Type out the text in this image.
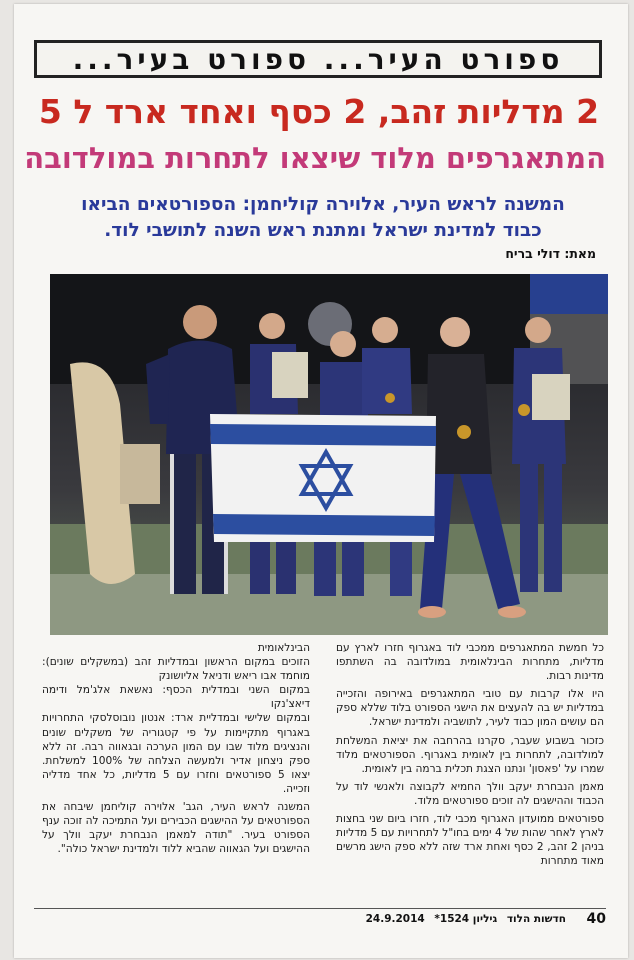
ספורט העיר... ספורט בעיר...
2 מדליות זהב, 2 כסף ואחד ארד ל 5
המתאגרפים מלוד שיצאו לתחרות במולדובה
המשנה לראש העיר, אלוירה קוליחמן: הספורטאים הביאו
כבוד למדינת ישראל ומתנת ראש השנה לתושבי לוד.
מאת: דולי בריח

כל חמשת המתאגרפים ממכבי לוד באגרוף חזרו לארץ עם מדליות, מתחרות הבינלאומית במולדובה בה השתתפו מדינות רבות.

היו אלו קרבות עם טובי המתאגרפים באירופה והזכייה במדליות יש בה להעצים את הישגי הספורט בלוד שללא ספק הם עושים המון כבוד לעיר, לתושביה ולמדינת ישראל.

כזכור בשבוע שעבר, סקרנו בהרחבה את יציאת המשלחת למולדובה, לתחרות בין לאומית באגרוף. הספורטאים מלוד שמרו על 'פאסון' ונתנו הצגת תכלית ברמה בין לאומית.

מאמן הנבחרת יעקב וולך החמיא לקבוצה ולאנשי לוד על הכבוד וההישגים לה זוכים ספורטאים מלוד.

ספורטאים ממועדון האגרוף מכבי לוד, חזרו ביום שני בחצות לארץ לאחר שהות של 4 ימים בחו"ל לתחרויות עם 5 מדליות בניהן 2 זהב, 2 כסף ואחת ארד שזה ללא ספק הישג מרשים מאוד מתחרות

הבינלאומית

הזוכים במקום הראשון ובמדליות זהב (במשקלים שונים): מוחמד אבו ריאש ודניאל אליושונק

במקום השני ובמדלית הכסף: נאשאת אלג'מל ודימה דיאצ'נקו

ובמקום שלישי ובמדליית ארד: אנטון נובוסלסקי התחרויות באגרוף מתקיימות על פי קטגוריה של משקלים שונים והנציגים מלוד שבו עם המון הערכה ובגאווה רבה. זה ללא ספק ניצחון אדיר ולמעשה הצלחה של 100% למשלחת. יצאו 5 ספורטאים וחזרו עם 5 מדליות, כל אחד מדליה וזכייה.

המשנה לראש העיר, הגב' אלוירה קוליחמן שיבחה את הספורטאים על ההישגים הכבירים ועל התמיכה לה זוכה ענף הספורט בעיר. "תודה למאמן הנבחרת יעקב וולך על ההישגים ועל הגאווה שהביא ללוד ולמדינת ישראל כולה".

40
חדשות הלוד גיליון 1524* 24.9.2014
